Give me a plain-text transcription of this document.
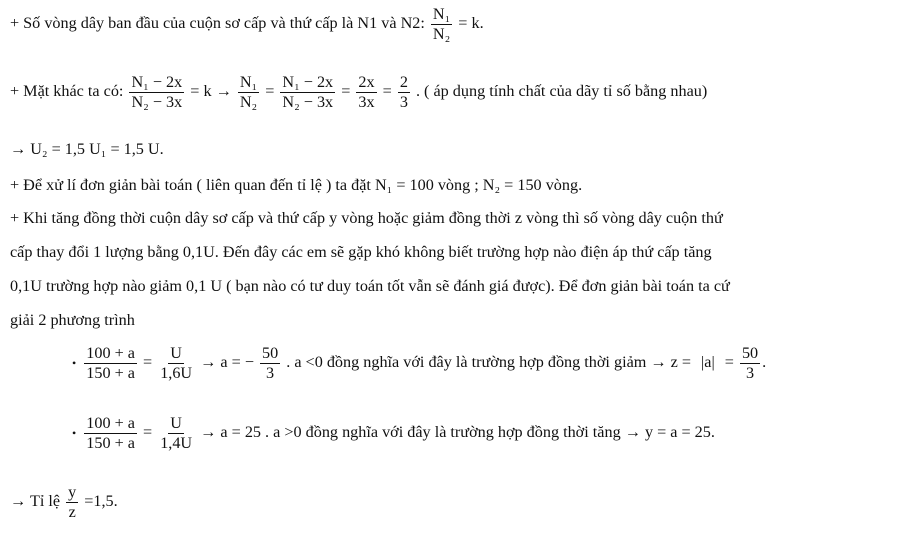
+ Số vòng dây ban đầu của cuộn sơ cấp và thứ cấp là N1 và N2: $\frac{\text{N₁}}{\text{N₂}} = k$.
+ Mặt khác ta có: $\frac{\text{N₁ − 2x}}{\text{N₂ − 3x}} = k \to \frac{\text{N₁}}{\text{N₂}} = \frac{\text{N₁ − 2x}}{\text{N₂ − 3x}} = \frac{2x}{3x} = \frac{2}{3}$ . ( áp dụng tính chất của dãy tỉ số bằng nhau)
→ U₂ = 1,5 U₁ = 1,5 U.
+ Để xử lí đơn giản bài toán ( liên quan đến tỉ lệ ) ta đặt N₁ = 100 vòng ; N₂ = 150 vòng.
+ Khi tăng đồng thời cuộn dây sơ cấp và thứ cấp y vòng hoặc giảm đồng thời z vòng thì số vòng dây cuộn thứ
cấp thay đổi 1 lượng bằng 0,1U. Đến đây các em sẽ gặp khó không biết trường hợp nào điện áp thứ cấp tăng
0,1U trường hợp nào giảm 0,1 U ( bạn nào có tư duy toán tốt vẫn sẽ đánh giá được). Để đơn giản bài toán ta cứ
giải 2 phương trình
• $\frac{100 + a}{150 + a} = \frac{U}{1,6U} \to a$ = − $\frac{50}{3}$ . a <0 đồng nghĩa với đây là trường hợp đồng thời giảm → $z = |a| = \frac{50}{3}$ .
• $\frac{100 + a}{150 + a} = \frac{U}{1,4U} \to a = 25$ . a >0 đồng nghĩa với đây là trường hợp đồng thời tăng → y = a = 25.
→ Tỉ lệ $\frac{y}{z} =1,5$.
